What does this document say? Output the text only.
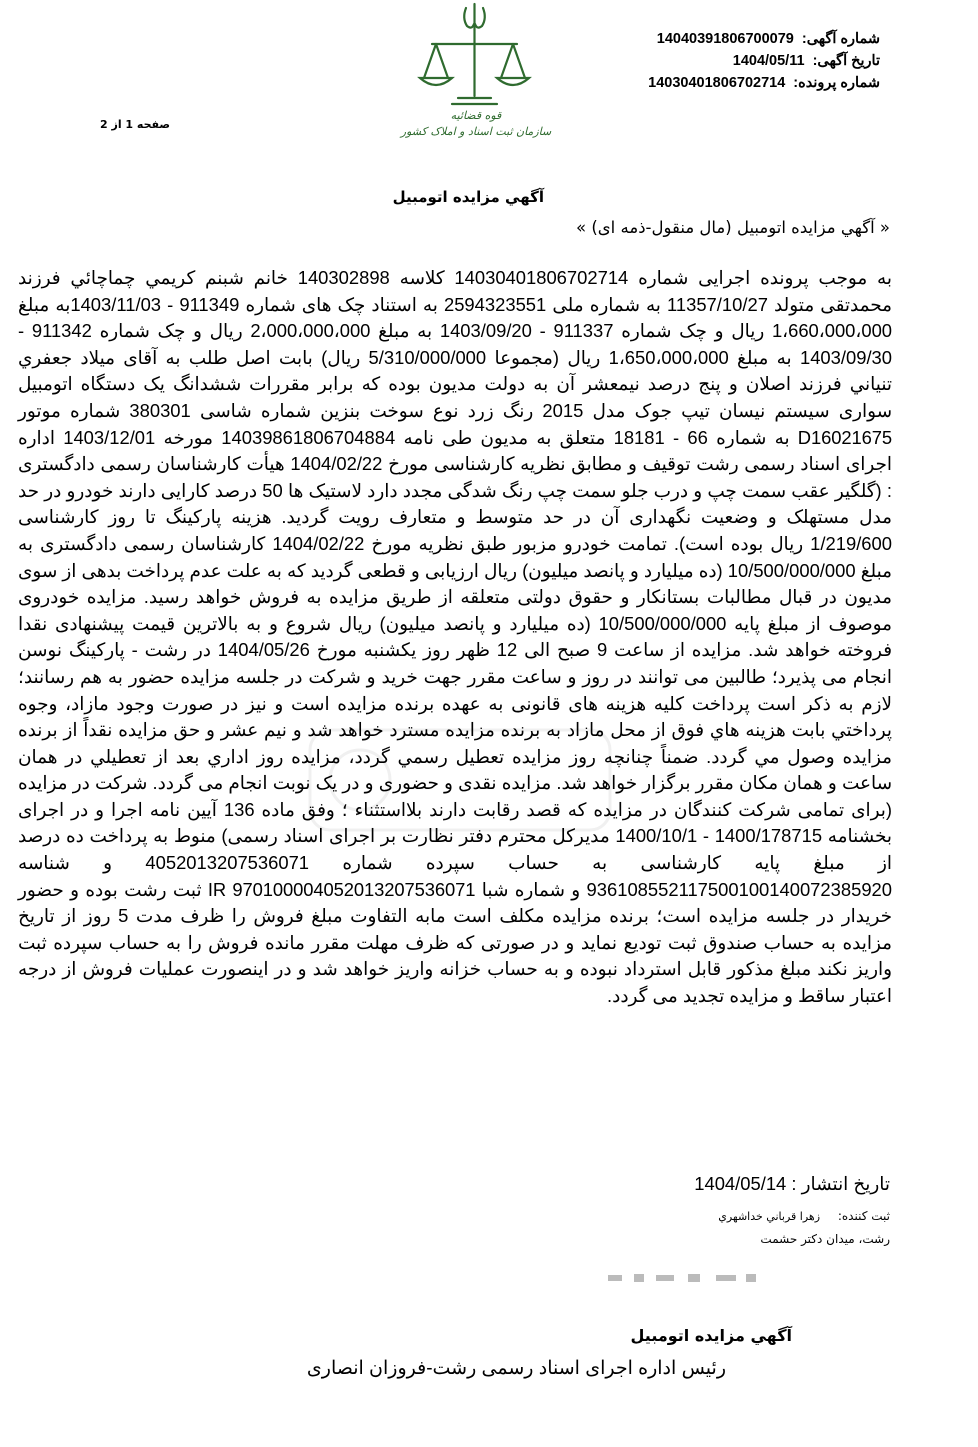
شماره آگهی: 14040391806700079
تاریخ آگهی: 1404/05/11
شماره پرونده: 14030401806702714
قوه قضائیه
سازمان ثبت اسناد و املاک کشور
صفحه 1 از 2
آگهي مزايده اتومبيل
« آگهي مزايده اتومبيل (مال منقول-ذمه ای) »
به موجب پرونده اجرایی شماره 14030401806702714 کلاسه 140302898 خانم شبنم کريمي چماچائي فرزند محمدتقی متولد 11357/10/27 به شماره ملی 2594323551 به استناد چک های شماره 911349 - 1403/11/03به مبلغ 1،660،000،000 ریال و چک شماره 911337 - 1403/09/20 به مبلغ 2،000،000،000 ریال و چک شماره 911342 - 1403/09/30 به مبلغ 1،650،000،000 ریال (مجموعا 5/310/000/000 ریال) بابت اصل طلب به آقای میلاد جعفري تنياني فرزند اصلان و پنج درصد نیمعشر آن به دولت مدیون بوده که برابر مقررات ششدانگ یک دستگاه اتومبیل سواری سیستم نیسان تیپ جوک مدل 2015 رنگ زرد نوع سوخت بنزین شماره شاسی 380301 شماره موتور D16021675 به شماره 66 - 18181 متعلق به مدیون طی نامه 14039861806704884 مورخه 1403/12/01 اداره اجرای اسناد رسمی رشت توقیف و مطابق نظریه کارشناسی مورخ 1404/02/22 هيأت کارشناسان رسمی دادگستری : (گلگیر عقب سمت چپ و درب جلو سمت چپ رنگ شدگی مجدد دارد لاستیک ها 50 درصد کارایی دارند خودرو در حد مدل مستهلک و وضعیت نگهداری آن در حد متوسط و متعارف رویت گردید. هزینه پارکینگ تا روز کارشناسی 1/219/600 ریال بوده است). تمامت خودرو مزبور طبق نظریه مورخ 1404/02/22 کارشناسان رسمی دادگستری به مبلغ 10/500/000/000 (ده میلیارد و پانصد میلیون) ريال ارزيابی و قطعی گرديد که به علت عدم پرداخت بدهی از سوی مدیون در قبال مطالبات بستانکار و حقوق دولتی متعلقه از طریق مزایده به فروش خواهد رسید. مزایده خودروی موصوف از مبلغ پایه 10/500/000/000 (ده میلیارد و پانصد میلیون) ریال شروع و به بالاترین قیمت پیشنهادی نقدا فروخته خواهد شد. مزایده از ساعت 9 صبح الی 12 ظهر روز یکشنبه مورخ 1404/05/26 در رشت - پارکینگ نوسن انجام می پذیرد؛ طالبین می توانند در روز و ساعت مقرر جهت خرید و شرکت در جلسه مزایده حضور به هم رسانند؛ لازم به ذکر است پرداخت کلیه هزینه های قانونی به عهده برنده مزایده است و نیز در صورت وجود مازاد، وجوه پرداختي بابت هزينه هاي فوق از محل مازاد به برنده مزایده مسترد خواهد شد و نیم عشر و حق مزایده نقداً از برنده مزايده وصول مي گردد. ضمناً چنانچه روز مزايده تعطيل رسمي گردد، مزايده روز اداري بعد از تعطيلي در همان ساعت و همان مکان مقرر برگزار خواهد شد. مزایده نقدی و حضوری و در یک نوبت انجام می گردد. شرکت در مزایده (برای تمامی شرکت کنندگان در مزایده که قصد رقابت دارند بلااستثناء ؛ وفق ماده 136 آيين نامه اجرا و در اجرای بخشنامه 1400/178715 - 1400/10/1 مدیرکل محترم دفتر نظارت بر اجرای اسناد رسمی) منوط به پرداخت ده درصد از مبلغ پايه کارشناسی به حساب سپرده شماره 4052013207536071 و شناسه 936108552117500100140072385920 و شماره شبا IR 970100004052013207536071 ثبت رشت بوده و حضور خریدار در جلسه مزایده است؛ برنده مزایده مکلف است مابه التفاوت مبلغ فروش را ظرف مدت 5 روز از تاریخ مزایده به حساب صندوق ثبت تودیع نماید و در صورتی که ظرف مهلت مقرر مانده فروش را به حساب سپرده ثبت واریز نکند مبلغ مذکور قابل استرداد نبوده و به حساب خزانه واریز خواهد شد و در اینصورت عملیات فروش از درجه اعتبار ساقط و مزایده تجدید می گردد.
تاریخ انتشار : 1404/05/14
ثبت کننده: زهرا قرباني خداشهري
رشت، میدان دکتر حشمت
آگهي مزايده اتومبيل
رئیس اداره اجرای اسناد رسمی رشت-فروزان انصاری
